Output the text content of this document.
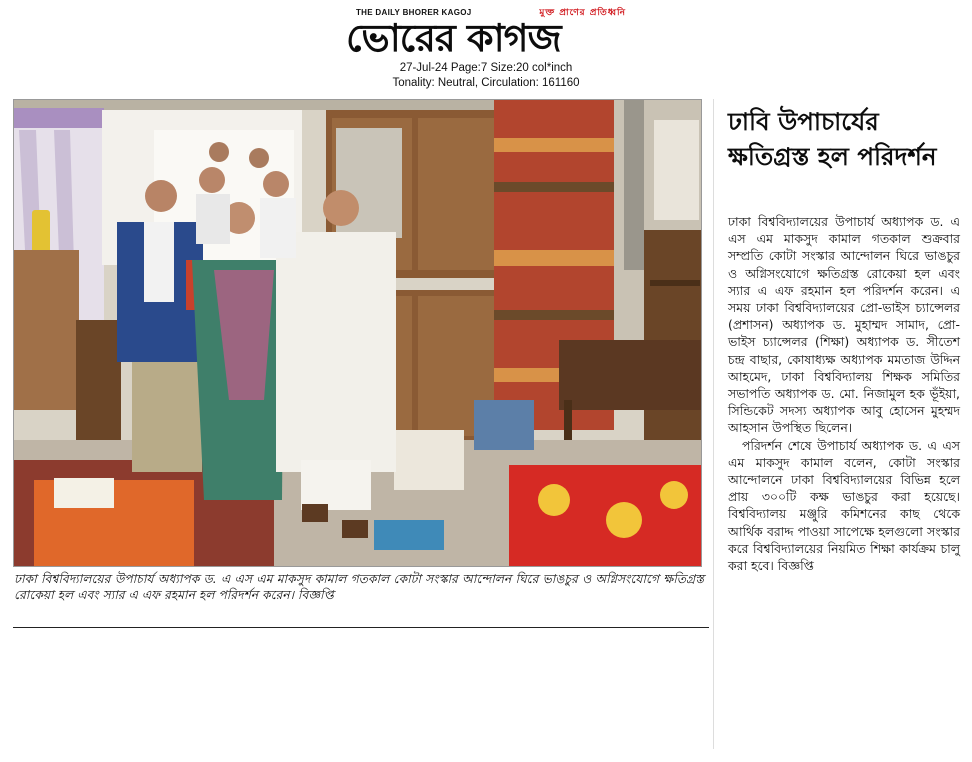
THE DAILY BHORER KAGOJ	মুক্ত প্রাণের প্রতিধ্বনি
ভোরের কাগজ
27-Jul-24 Page:7 Size:20 col*inch
Tonality: Neutral, Circulation: 161160
ঢাকা বিশ্ববিদ্যালয়ের উপাচার্য অধ্যাপক ড. এ এস এম মাকসুদ কামাল গতকাল কোটা সংস্কার আন্দোলন ঘিরে ভাঙচুর ও অগ্নিসংযোগে ক্ষতিগ্রস্ত রোকেয়া হল এবং স্যার এ এফ রহমান হল পরিদর্শন করেন। বিজ্ঞপ্তি
ঢাবি উপাচার্যের ক্ষতিগ্রস্ত হল পরিদর্শন

ঢাকা বিশ্ববিদ্যালয়ের উপাচার্য অধ্যাপক ড. এ এস এম মাকসুদ কামাল গতকাল শুক্রবার সম্প্রতি কোটা সংস্কার আন্দোলন ঘিরে ভাঙচুর ও অগ্নিসংযোগে ক্ষতিগ্রস্ত রোকেয়া হল এবং স্যার এ এফ রহমান হল পরিদর্শন করেন। এ সময় ঢাকা বিশ্ববিদ্যালয়ের প্রো-ভাইস চ্যান্সেলর (প্রশাসন) অধ্যাপক ড. মুহাম্মদ সামাদ, প্রো-ভাইস চ্যান্সেলর (শিক্ষা) অধ্যাপক ড. সীতেশ চন্দ্র বাছার, কোষাধ্যক্ষ অধ্যাপক মমতাজ উদ্দিন আহমেদ, ঢাকা বিশ্ববিদ্যালয় শিক্ষক সমিতির সভাপতি অধ্যাপক ড. মো. নিজামুল হক ভূঁইয়া, সিন্ডিকেট সদস্য অধ্যাপক আবু হোসেন মুহম্মদ আহসান উপস্থিত ছিলেন।

পরিদর্শন শেষে উপাচার্য অধ্যাপক ড. এ এস এম মাকসুদ কামাল বলেন, কোটা সংস্কার আন্দোলনে ঢাকা বিশ্ববিদ্যালয়ের বিভিন্ন হলে প্রায় ৩০০টি কক্ষ ভাঙচুর করা হয়েছে। বিশ্ববিদ্যালয় মঞ্জুরি কমিশনের কাছ থেকে আর্থিক বরাদ্দ পাওয়া সাপেক্ষে হলগুলো সংস্কার করে বিশ্ববিদ্যালয়ের নিয়মিত শিক্ষা কার্যক্রম চালু করা হবে। বিজ্ঞপ্তি
